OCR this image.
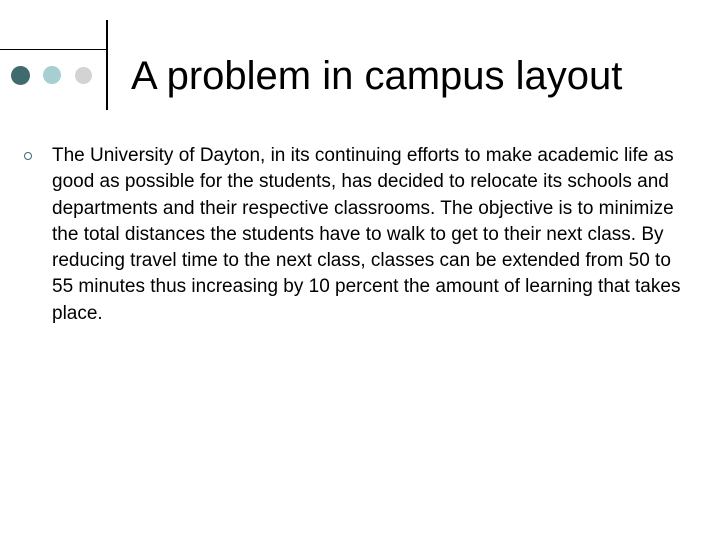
A problem in campus layout

The University of Dayton, in its continuing efforts to make academic life as good as possible for the students, has decided to relocate its schools and departments and their respective classrooms. The objective is to minimize the total distances the students have to walk to get to their next class. By reducing travel time to the next class, classes can be extended from 50 to 55 minutes thus increasing by 10 percent the amount of learning that takes place.
